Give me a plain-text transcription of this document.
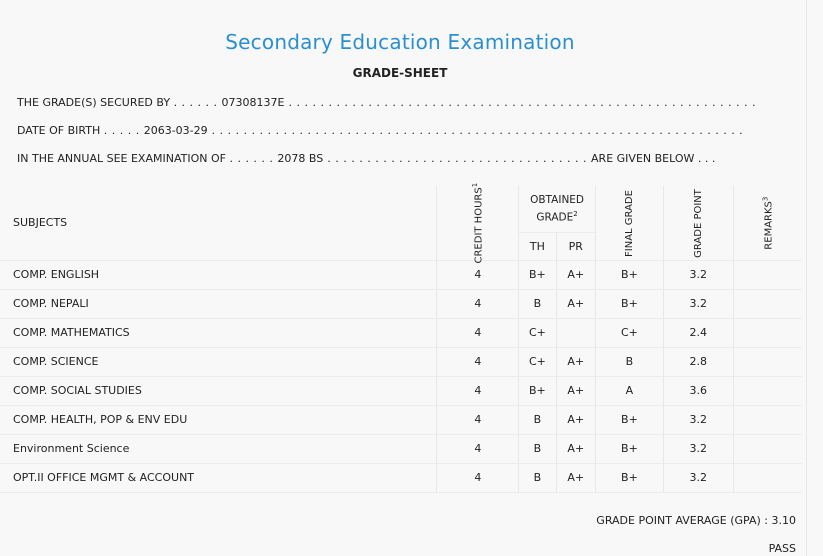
Secondary Education Examination
GRADE-SHEET
THE GRADE(S) SECURED BY . . . . . . 07308137E . . . . . . . . . . . . . . . . . . . . . . . . . . . . . . . . . . . . . . . . . . . . . . . . . . . . . . . . . . .
DATE OF BIRTH . . . . . 2063-03-29 . . . . . . . . . . . . . . . . . . . . . . . . . . . . . . . . . . . . . . . . . . . . . . . . . . . . . . . . . . . . . . . . . . .
IN THE ANNUAL SEE EXAMINATION OF . . . . . . 2078 BS . . . . . . . . . . . . . . . . . . . . . . . . . . . . . . . . . ARE GIVEN BELOW . . .
SUBJECTS	CREDIT HOURS$^1$	OBTAINED GRADE$^2$		FINAL GRADE	GRADE POINT	REMARKS$^3$
		TH	PR			
COMP. ENGLISH	4	B+	A+	B+	3.2	
COMP. NEPALI	4	B	A+	B+	3.2	
COMP. MATHEMATICS	4	C+		C+	2.4	
COMP. SCIENCE	4	C+	A+	B	2.8	
COMP. SOCIAL STUDIES	4	B+	A+	A	3.6	
COMP. HEALTH, POP & ENV EDU	4	B	A+	B+	3.2	
Environment Science	4	B	A+	B+	3.2	
OPT.II OFFICE MGMT & ACCOUNT	4	B	A+	B+	3.2	
GRADE POINT AVERAGE (GPA) : 3.10
PASS
